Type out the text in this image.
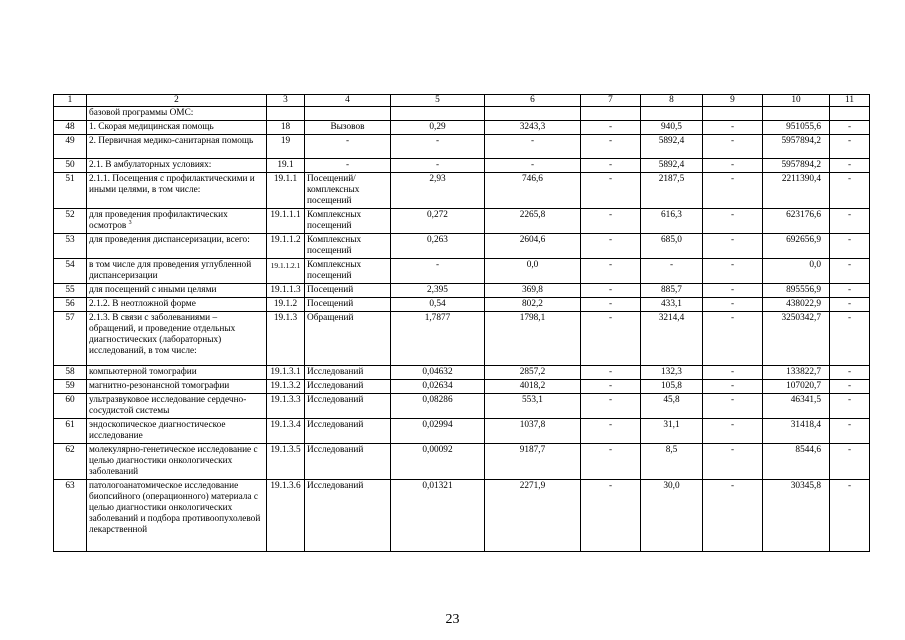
1	2	3	4	5	6	7	8	9	10	11
	базовой программы ОМС:									
48	1. Скорая медицинская помощь	18	Вызовов	0,29	3243,3	-	940,5	-	951055,6	-
49	2. Первичная медико-санитарная помощь	19	-	-	-	-	5892,4	-	5957894,2	-
50	2.1. В амбулаторных условиях:	19.1	-	-	-	-	5892,4	-	5957894,2	-
51	2.1.1. Посещения с профилактическими и иными целями, в том числе:	19.1.1	Посещений/комплексных посещений	2,93	746,6	-	2187,5	-	2211390,4	-
52	для проведения профилактических осмотров $^3$	19.1.1.1	Комплексных посещений	0,272	2265,8	-	616,3	-	623176,6	-
53	для проведения диспансеризации, всего:	19.1.1.2	Комплексных посещений	0,263	2604,6	-	685,0	-	692656,9	-
54	в том числе для проведения углубленной диспансеризации	19.1.1.2.1	Комплексных посещений	-	0,0	-	-	-	0,0	-
55	для посещений с иными целями	19.1.1.3	Посещений	2,395	369,8	-	885,7	-	895556,9	-
56	2.1.2. В неотложной форме	19.1.2	Посещений	0,54	802,2	-	433,1	-	438022,9	-
57	2.1.3. В связи с заболеваниями – обращений, и проведение отдельных диагностических (лабораторных) исследований, в том числе:	19.1.3	Обращений	1,7877	1798,1	-	3214,4	-	3250342,7	-
58	компьютерной томографии	19.1.3.1	Исследований	0,04632	2857,2	-	132,3	-	133822,7	-
59	магнитно-резонансной томографии	19.1.3.2	Исследований	0,02634	4018,2	-	105,8	-	107020,7	-
60	ультразвуковое исследование сердечно-сосудистой системы	19.1.3.3	Исследований	0,08286	553,1	-	45,8	-	46341,5	-
61	эндоскопическое диагностическое исследование	19.1.3.4	Исследований	0,02994	1037,8	-	31,1	-	31418,4	-
62	молекулярно-генетическое исследование с целью диагностики онкологических заболеваний	19.1.3.5	Исследований	0,00092	9187,7	-	8,5	-	8544,6	-
63	патологоанатомическое исследование биопсийного (операционного) материала с целью диагностики онкологических заболеваний и подбора противоопухолевой лекарственной	19.1.3.6	Исследований	0,01321	2271,9	-	30,0	-	30345,8	-
23
